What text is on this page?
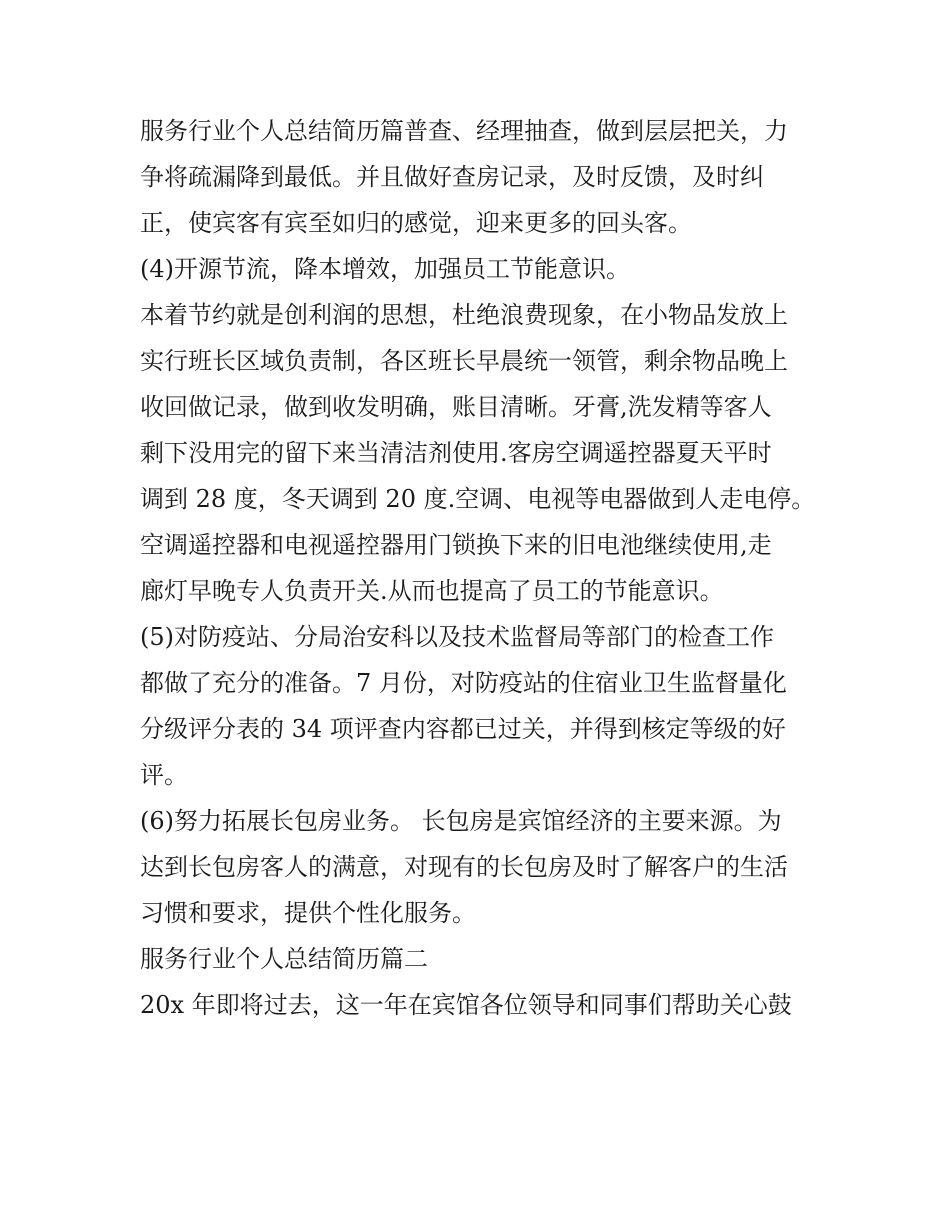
服务行业个人总结简历篇普查、经理抽查，做到层层把关，力
争将疏漏降到最低。并且做好查房记录，及时反馈，及时纠
正，使宾客有宾至如归的感觉，迎来更多的回头客。
(4)开源节流，降本增效，加强员工节能意识。
本着节约就是创利润的思想，杜绝浪费现象，在小物品发放上
实行班长区域负责制，各区班长早晨统一领管，剩余物品晚上
收回做记录，做到收发明确，账目清晰。牙膏,洗发精等客人
剩下没用完的留下来当清洁剂使用.客房空调遥控器夏天平时
调到 28 度，冬天调到 20 度.空调、电视等电器做到人走电停。
空调遥控器和电视遥控器用门锁换下来的旧电池继续使用,走
廊灯早晚专人负责开关.从而也提高了员工的节能意识。
(5)对防疫站、分局治安科以及技术监督局等部门的检查工作
都做了充分的准备。7 月份，对防疫站的住宿业卫生监督量化
分级评分表的 34 项评查内容都已过关，并得到核定等级的好
评。
(6)努力拓展长包房业务。 长包房是宾馆经济的主要来源。为
达到长包房客人的满意，对现有的长包房及时了解客户的生活
习惯和要求，提供个性化服务。
服务行业个人总结简历篇二
20x 年即将过去，这一年在宾馆各位领导和同事们帮助关心鼓
